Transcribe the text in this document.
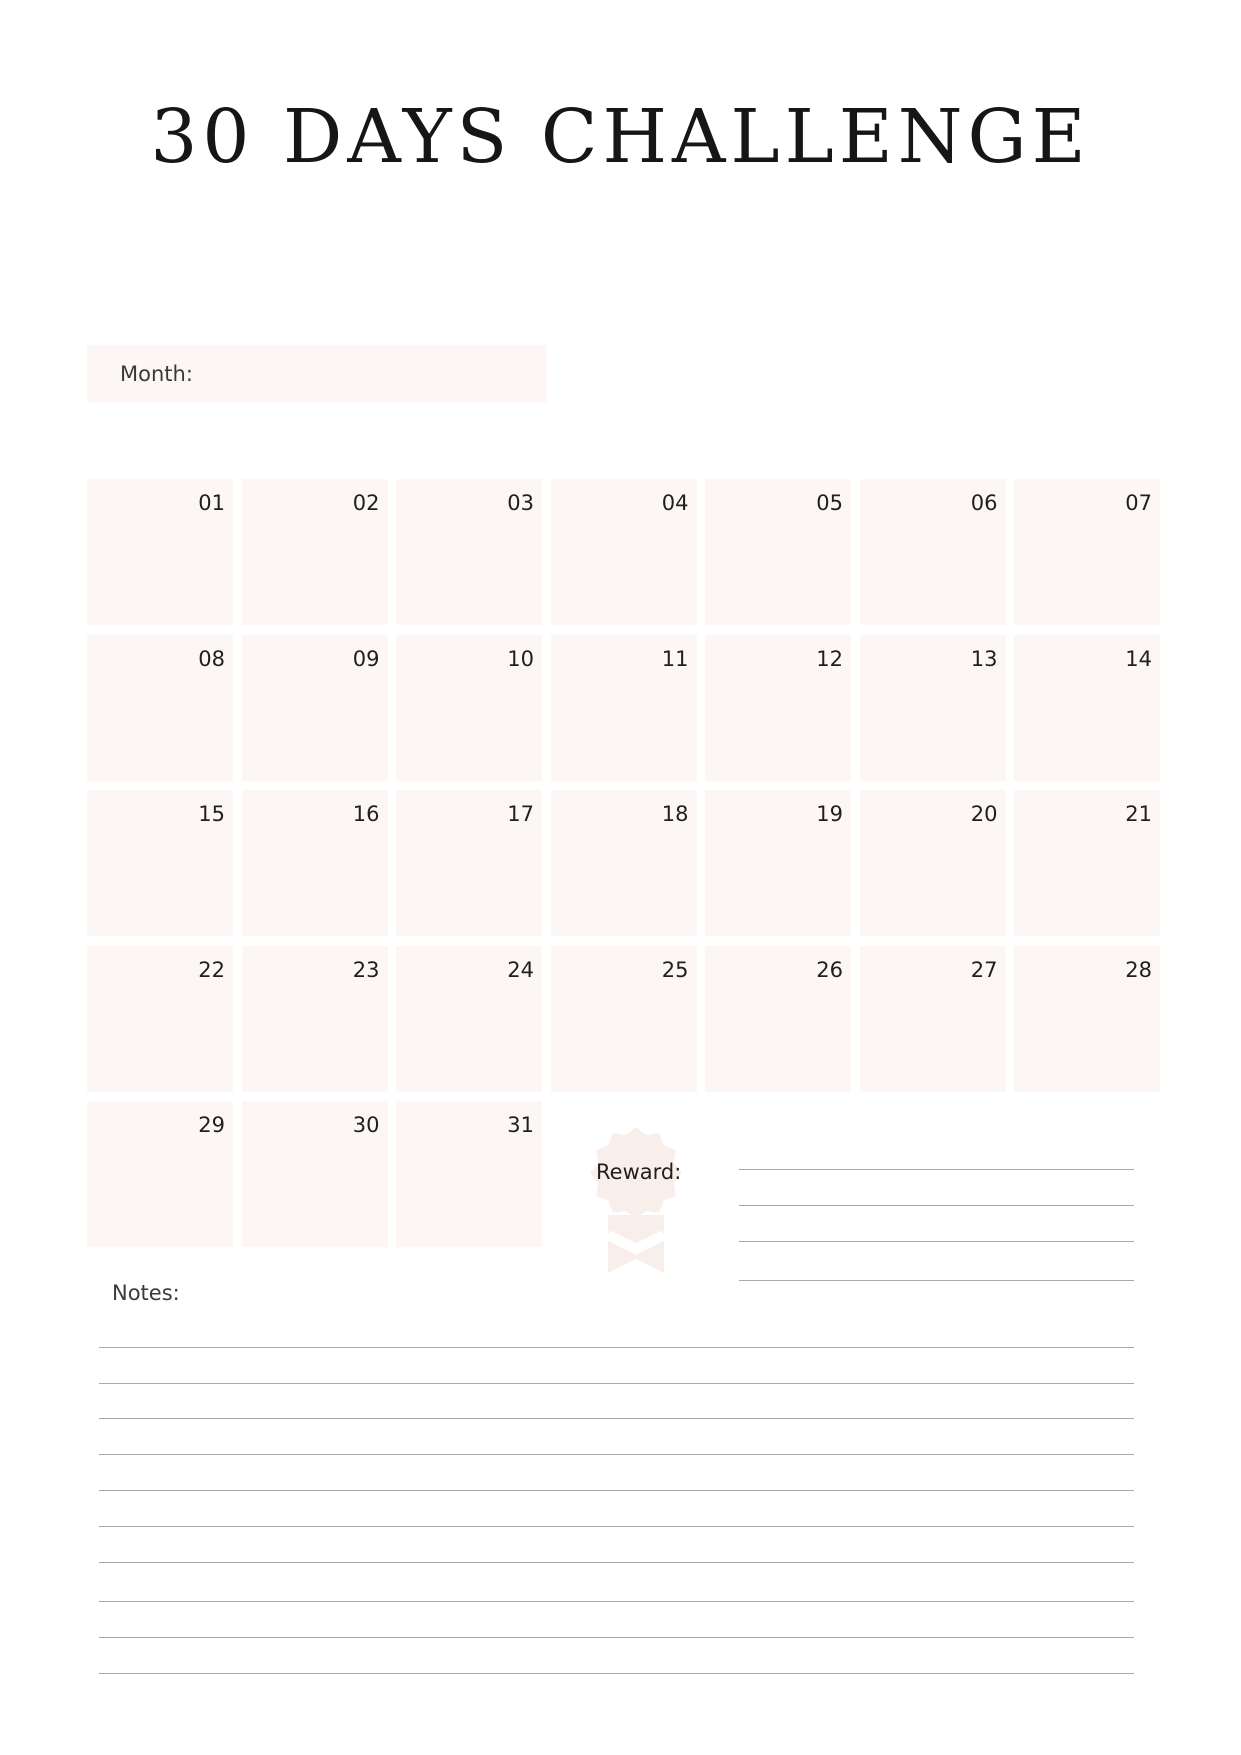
30 DAYS CHALLENGE
Month:
01	02	03	04	05	06	07
08	09	10	11	12	13	14
15	16	17	18	19	20	21
22	23	24	25	26	27	28
29	30	31
Reward:
Notes:
